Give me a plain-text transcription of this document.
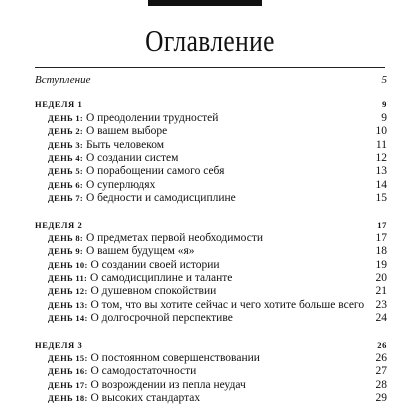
Оглавление
Вступление	5
НЕДЕЛЯ 1	9
ДЕНЬ 1: О преодолении трудностей	9
ДЕНЬ 2: О вашем выборе	10
ДЕНЬ 3: Быть человеком	11
ДЕНЬ 4: О создании систем	12
ДЕНЬ 5: О порабощении самого себя	13
ДЕНЬ 6: О суперлюдях	14
ДЕНЬ 7: О бедности и самодисциплине	15
НЕДЕЛЯ 2	17
ДЕНЬ 8: О предметах первой необходимости	17
ДЕНЬ 9: О вашем будущем «я»	18
ДЕНЬ 10: О создании своей истории	19
ДЕНЬ 11: О самодисциплине и таланте	20
ДЕНЬ 12: О душевном спокойствии	21
ДЕНЬ 13: О том, что вы хотите сейчас и чего хотите больше всего 23
ДЕНЬ 14: О долгосрочной перспективе	24
НЕДЕЛЯ 3	26
ДЕНЬ 15: О постоянном совершенствовании	26
ДЕНЬ 16: О самодостаточности	27
ДЕНЬ 17: О возрождении из пепла неудач	28
ДЕНЬ 18: О высоких стандартах	29
